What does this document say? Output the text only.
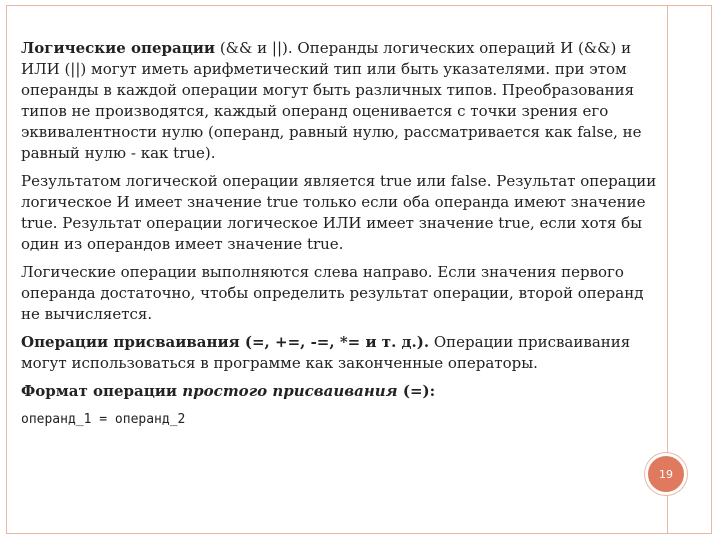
Логические операции (&& и ||). Операнды логических операций И (&&) и ИЛИ (||) могут иметь арифметический тип или быть указателями. при этом операнды в каждой операции могут быть различных типов. Преобразования типов не производятся, каждый операнд оценивается с точки зрения его эквивалентности нулю (операнд, равный нулю, рассматривается как false, не равный нулю - как true).

Результатом логической операции является true или false. Результат операции логическое И имеет значение true только если оба операнда имеют значение true. Результат операции логическое ИЛИ имеет значение true, если хотя бы один из операндов имеет значение true.

Логические операции выполняются слева направо. Если значения первого операнда достаточно, чтобы определить результат операции, второй операнд не вычисляется.

Операции присваивания (=, +=, -=, *= и т. д.). Операции присваивания могут использоваться в программе как законченные операторы.

Формат операции простого присваивания (=):

операнд_1 = операнд_2

19
